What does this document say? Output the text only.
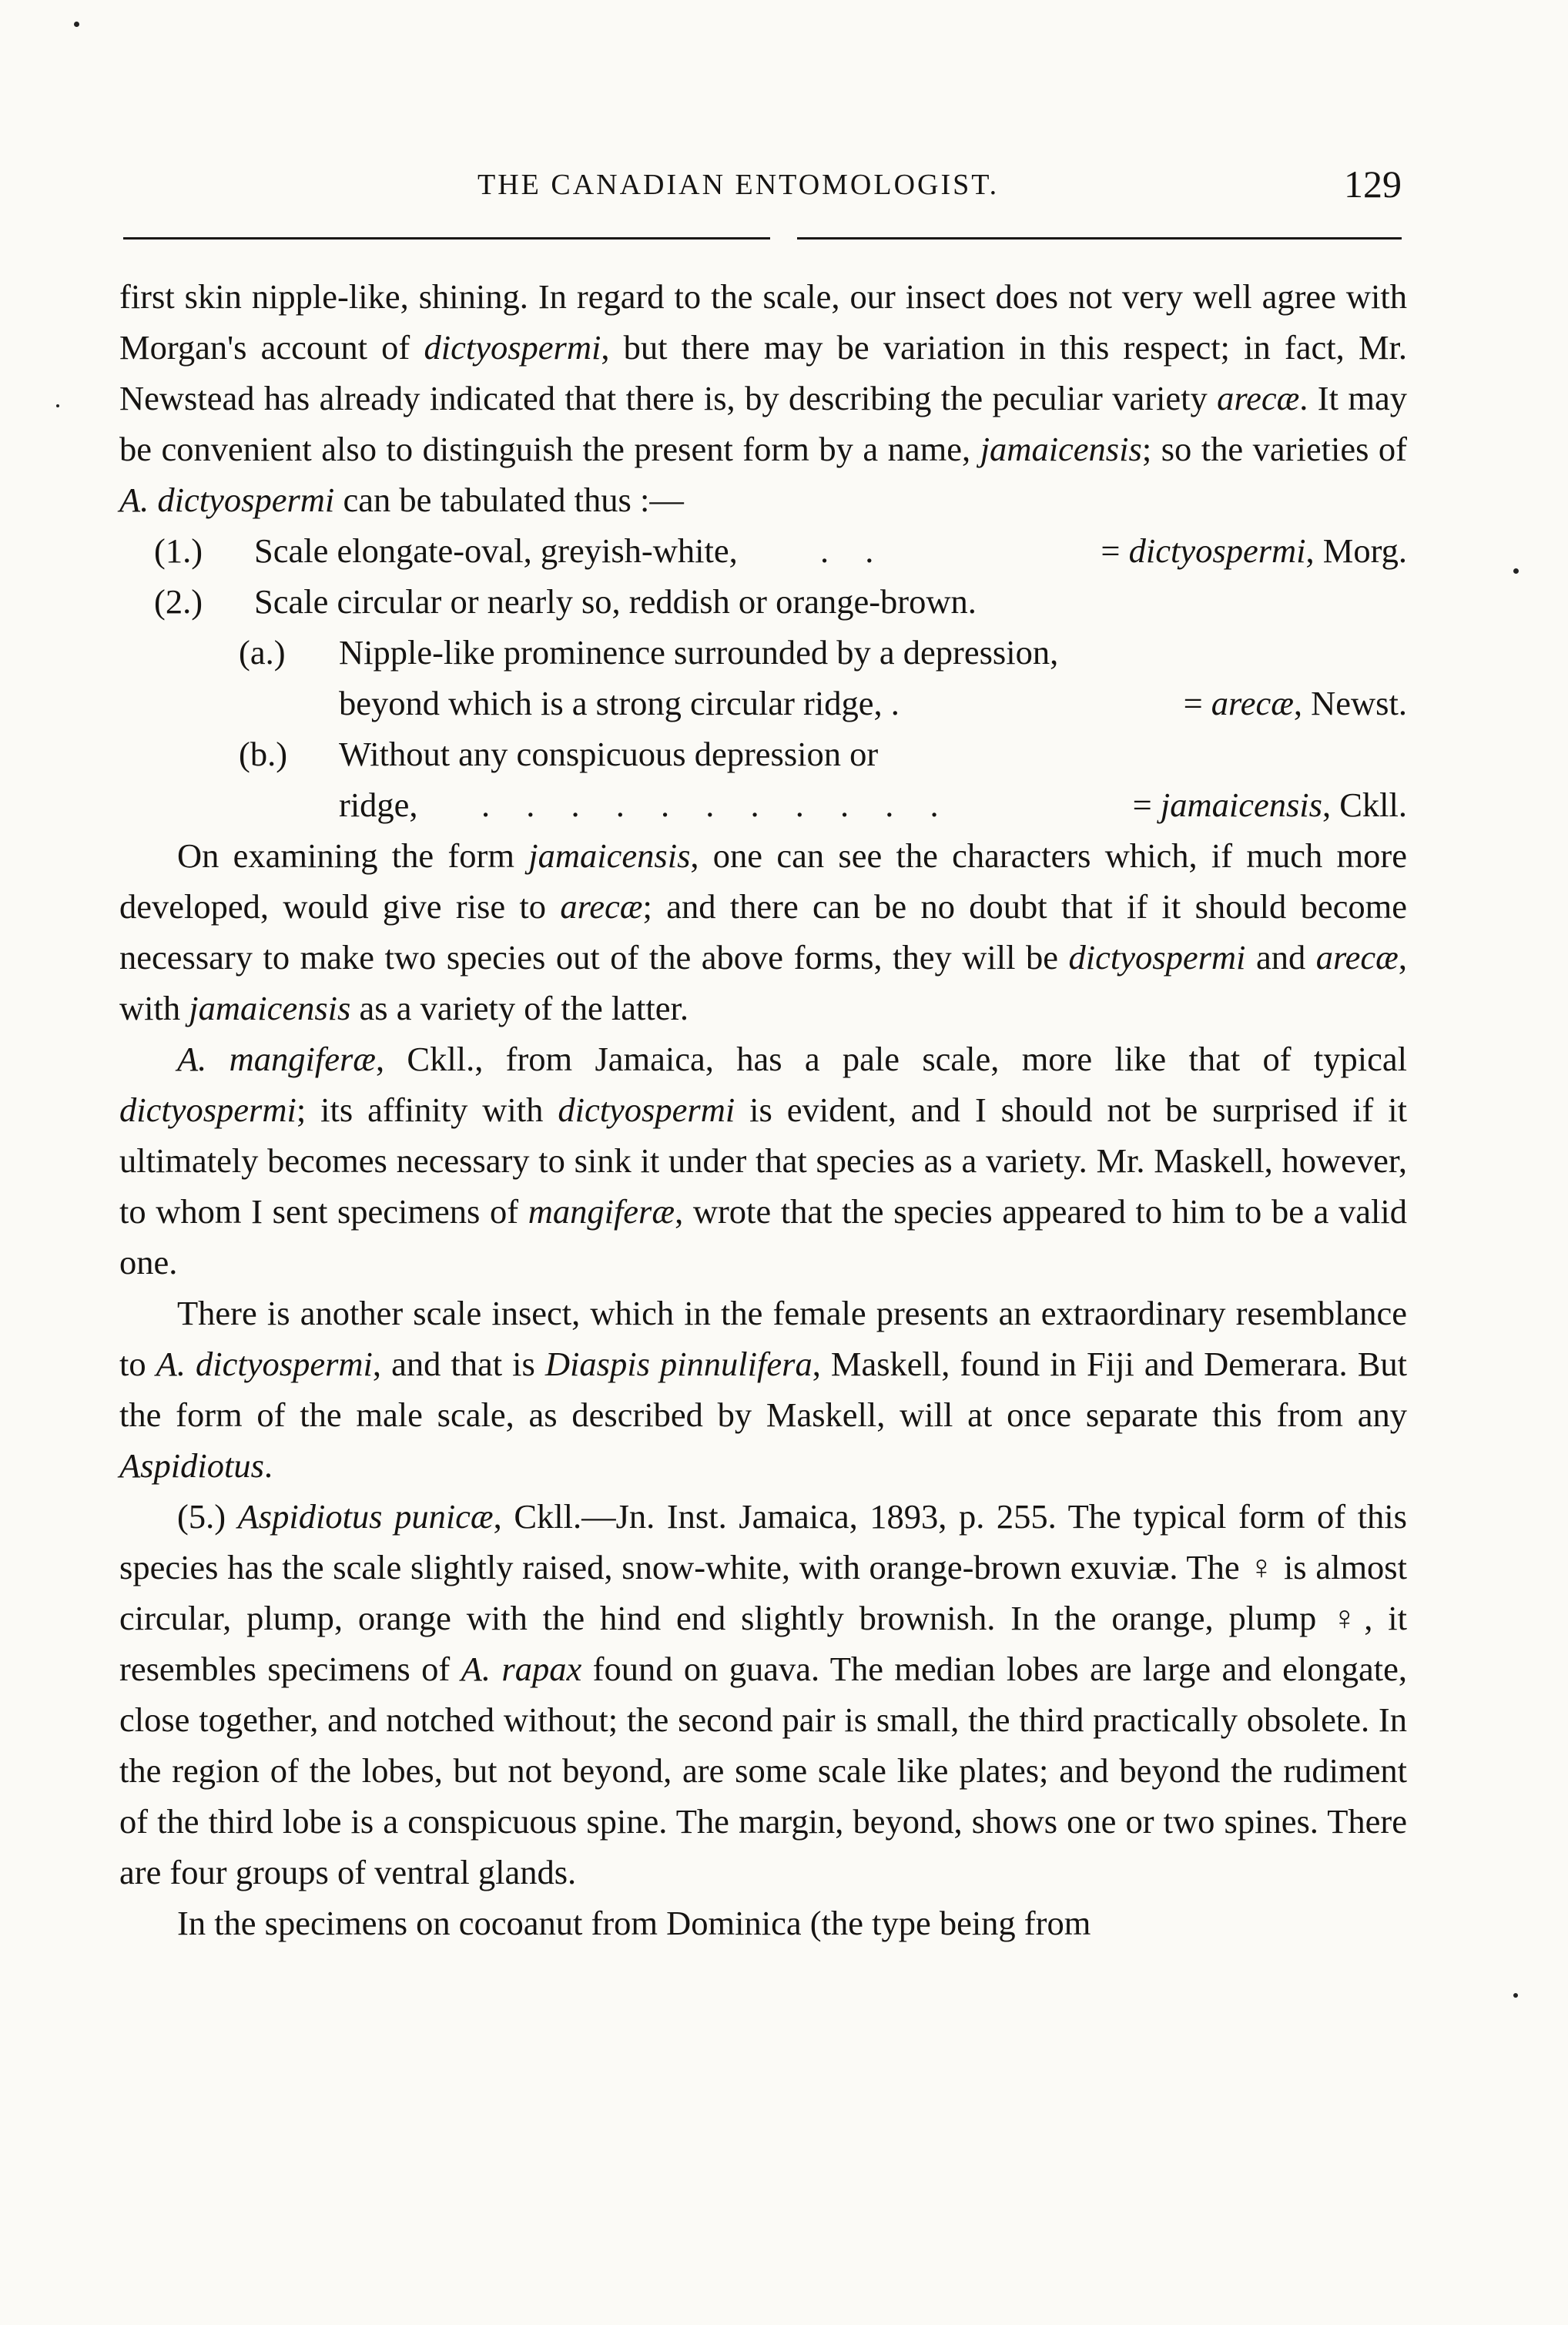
THE CANADIAN ENTOMOLOGIST.	129

first skin nipple-like, shining. In regard to the scale, our insect does not very well agree with Morgan's account of dictyospermi, but there may be variation in this respect; in fact, Mr. Newstead has already indicated that there is, by describing the peculiar variety arecæ. It may be convenient also to distinguish the present form by a name, jamaicensis; so the varieties of A. dictyospermi can be tabulated thus :—

(1.) Scale elongate-oval, greyish-white, . .	= dictyospermi, Morg.
(2.) Scale circular or nearly so, reddish or orange-brown.
(a.) Nipple-like prominence surrounded by a depression,
beyond which is a strong circular ridge, .	= arecæ, Newst.
(b.) Without any conspicuous depression or
ridge, . . . . . . . . . . .	= jamaicensis, Ckll.

On examining the form jamaicensis, one can see the characters which, if much more developed, would give rise to arecæ; and there can be no doubt that if it should become necessary to make two species out of the above forms, they will be dictyospermi and arecæ, with jamaicensis as a variety of the latter.

A. mangiferæ, Ckll., from Jamaica, has a pale scale, more like that of typical dictyospermi; its affinity with dictyospermi is evident, and I should not be surprised if it ultimately becomes necessary to sink it under that species as a variety. Mr. Maskell, however, to whom I sent specimens of mangiferæ, wrote that the species appeared to him to be a valid one.

There is another scale insect, which in the female presents an extraordinary resemblance to A. dictyospermi, and that is Diaspis pinnulifera, Maskell, found in Fiji and Demerara. But the form of the male scale, as described by Maskell, will at once separate this from any Aspidiotus.

(5.) Aspidiotus punicæ, Ckll.—Jn. Inst. Jamaica, 1893, p. 255. The typical form of this species has the scale slightly raised, snow-white, with orange-brown exuviæ. The ♀ is almost circular, plump, orange with the hind end slightly brownish. In the orange, plump ♀, it resembles specimens of A. rapax found on guava. The median lobes are large and elongate, close together, and notched without; the second pair is small, the third practically obsolete. In the region of the lobes, but not beyond, are some scale like plates; and beyond the rudiment of the third lobe is a conspicuous spine. The margin, beyond, shows one or two spines. There are four groups of ventral glands.

In the specimens on cocoanut from Dominica (the type being from
